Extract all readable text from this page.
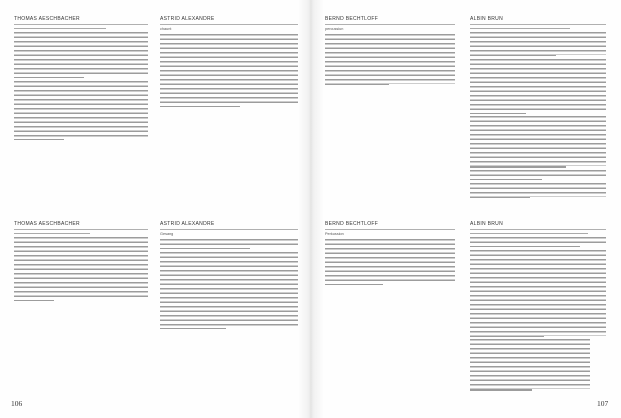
THOMAS AESCHBACHER	ASTRID ALEXANDRE
chaunt
BERND BECHTLOFF
percussiun
ALBIN BRUN
THOMAS AESCHBACHER	ASTRID ALEXANDRE
Gesang
BERND BECHTLOFF
Perkussion
ALBIN BRUN
106	107
